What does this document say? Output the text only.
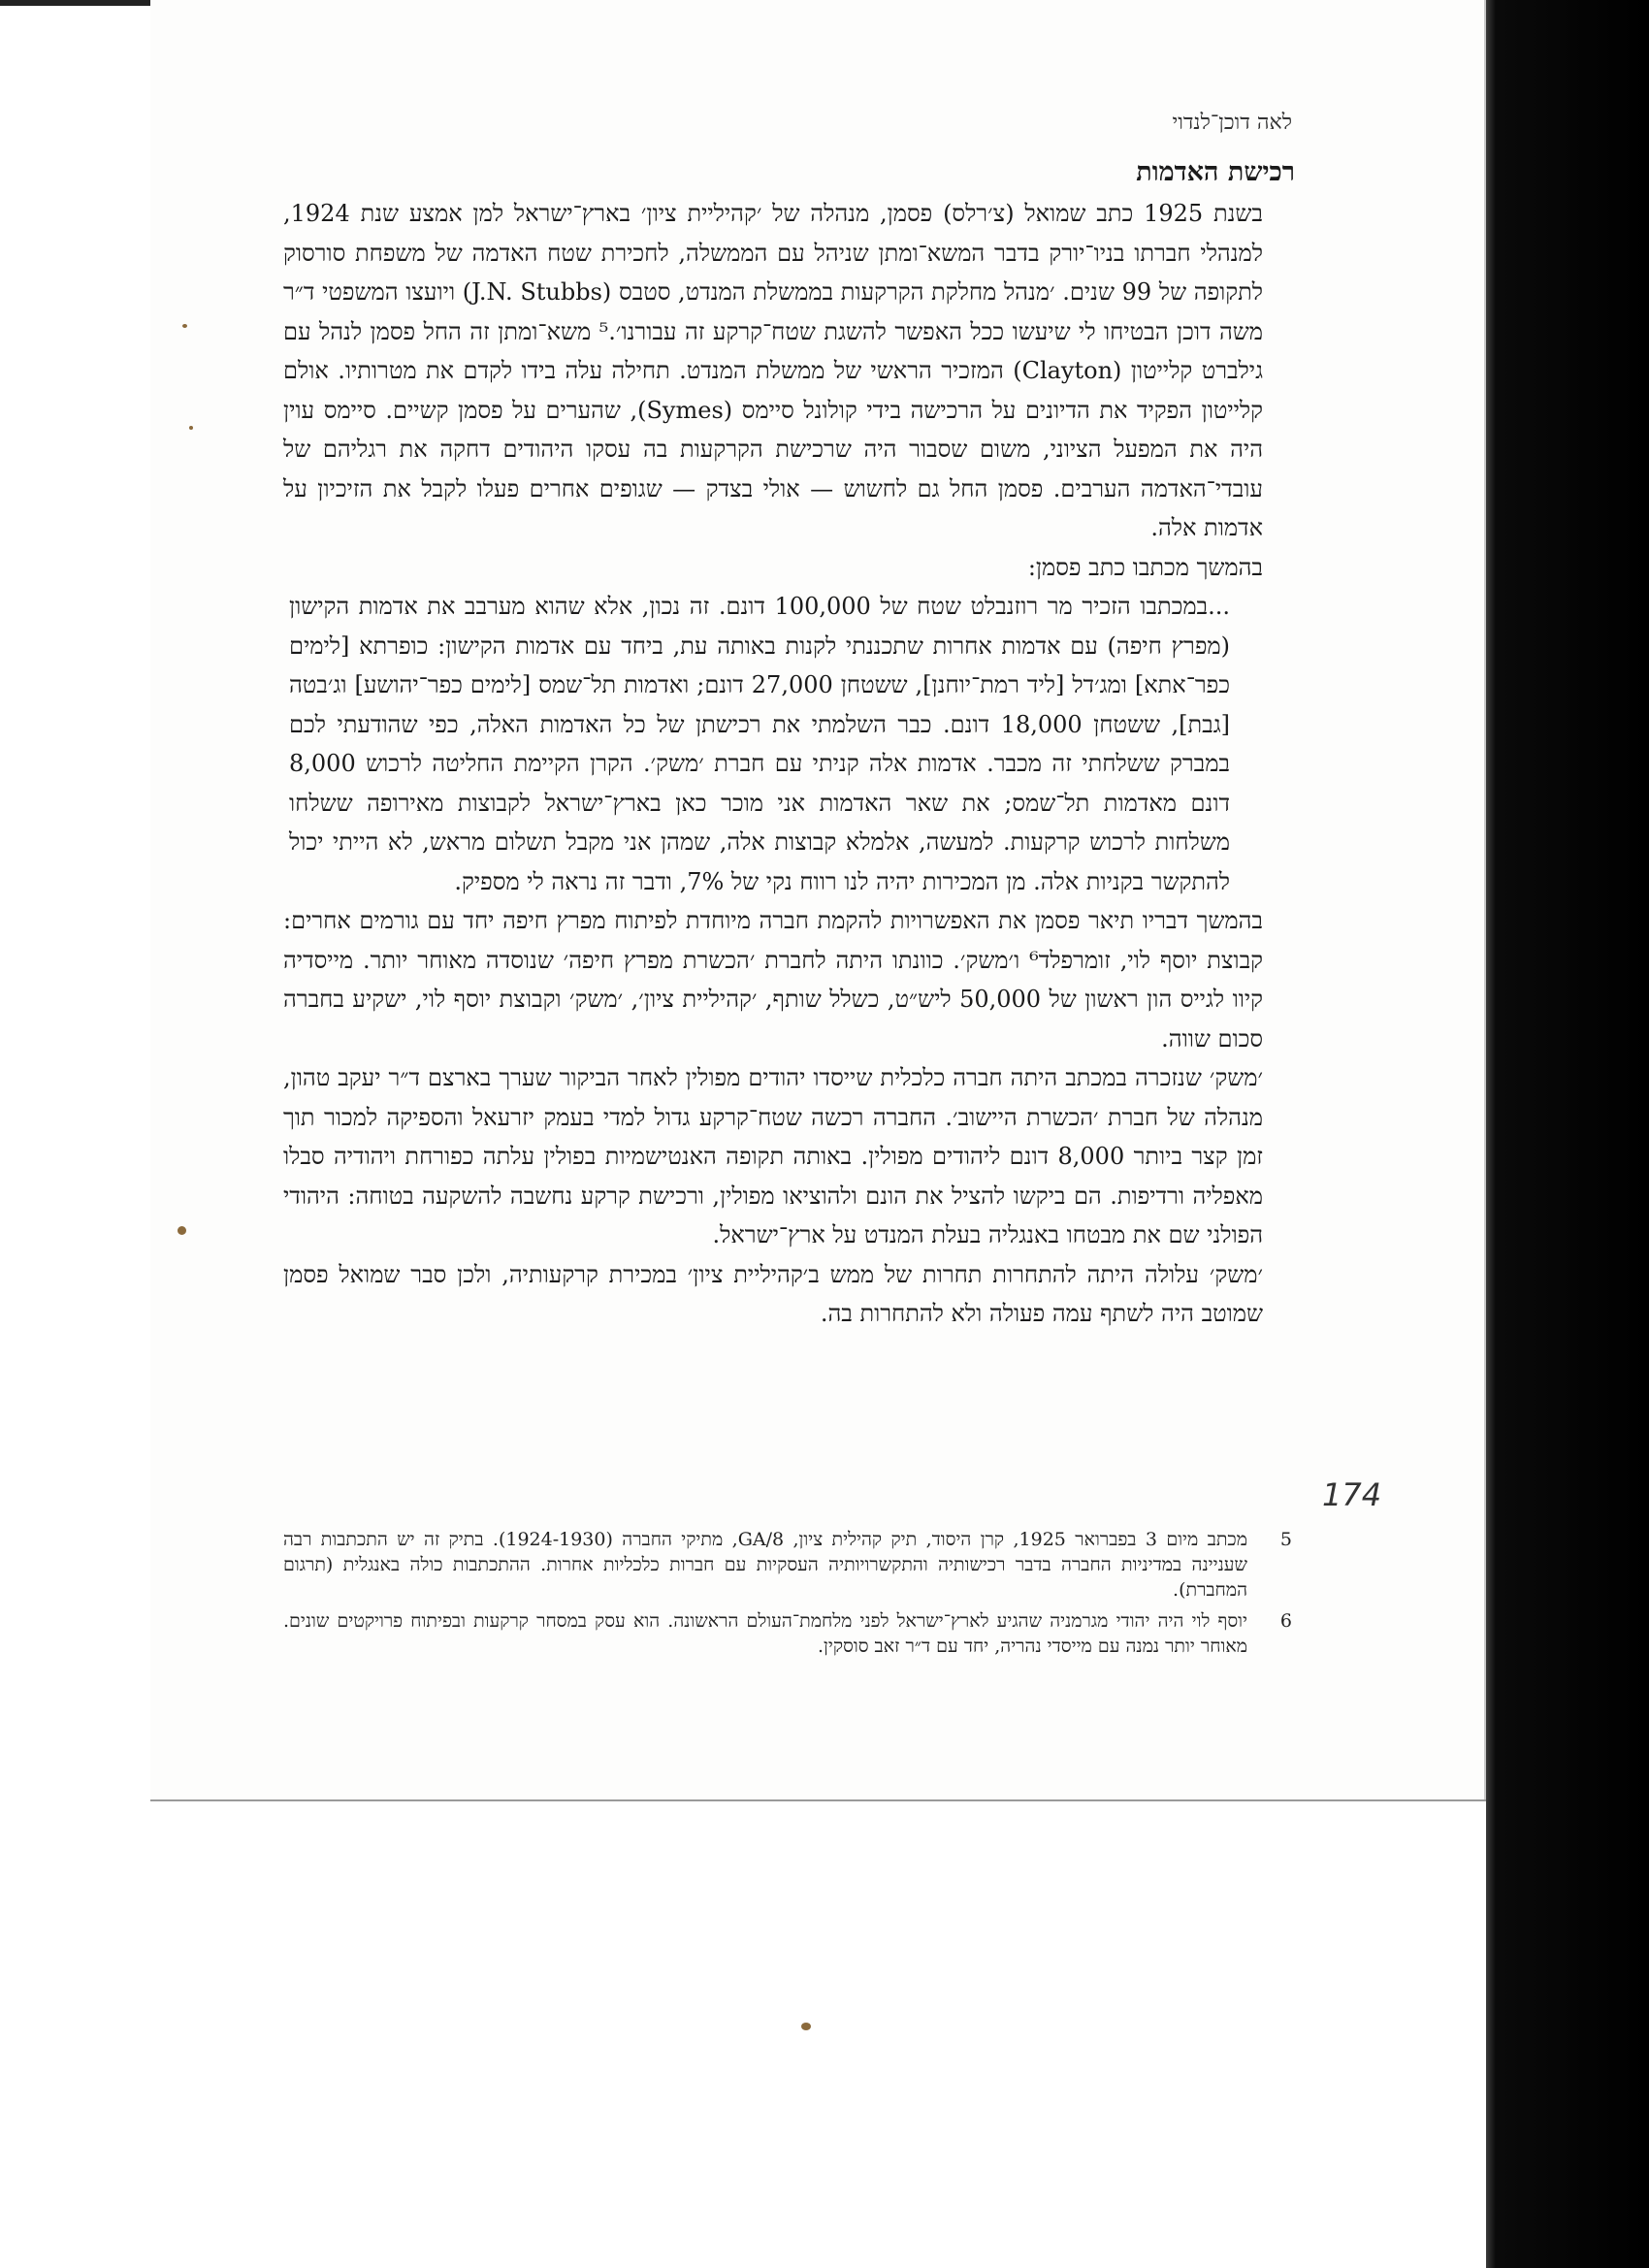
לאה דוכן־לנדוי
רכישת האדמות

בשנת 1925 כתב שמואל (צ׳רלס) פסמן, מנהלה של ׳קהיליית ציון׳ בארץ־ישראל למן אמצע שנת 1924, למנהלי חברתו בניו־יורק בדבר המשא־ומתן שניהל עם הממשלה, לחכירת שטח האדמה של משפחת סורסוק לתקופה של 99 שנים. ׳מנהל מחלקת הקרקעות בממשלת המנדט, סטבס (J.N. Stubbs) ויועצו המשפטי ד״ר משה דוכן הבטיחו לי שיעשו ככל האפשר להשגת שטח־קרקע זה עבורנו׳.⁵ משא־ומתן זה החל פסמן לנהל עם גילברט קלייטון (Clayton) המזכיר הראשי של ממשלת המנדט. תחילה עלה בידו לקדם את מטרותיו. אולם קלייטון הפקיד את הדיונים על הרכישה בידי קולונל סיימס (Symes), שהערים על פסמן קשיים. סיימס עוין היה את המפעל הציוני, משום שסבור היה שרכישת הקרקעות בה עסקו היהודים דחקה את רגליהם של עובדי־האדמה הערבים. פסמן החל גם לחשוש — אולי בצדק — שגופים אחרים פעלו לקבל את הזיכיון על אדמות אלה.

בהמשך מכתבו כתב פסמן:

...במכתבו הזכיר מר רוזנבלט שטח של 100,000 דונם. זה נכון, אלא שהוא מערבב את אדמות הקישון (מפרץ חיפה) עם אדמות אחרות שתכננתי לקנות באותה עת, ביחד עם אדמות הקישון: כופרתא [לימים כפר־אתא] ומג׳דל [ליד רמת־יוחנן], ששטחן 27,000 דונם; ואדמות תל־שמס [לימים כפר־יהושע] וג׳בטה [גבת], ששטחן 18,000 דונם. כבר השלמתי את רכישתן של כל האדמות האלה, כפי שהודעתי לכם במברק ששלחתי זה מכבר. אדמות אלה קניתי עם חברת ׳משק׳. הקרן הקיימת החליטה לרכוש 8,000 דונם מאדמות תל־שמס; את שאר האדמות אני מוכר כאן בארץ־ישראל לקבוצות מאירופה ששלחו משלחות לרכוש קרקעות. למעשה, אלמלא קבוצות אלה, שמהן אני מקבל תשלום מראש, לא הייתי יכול להתקשר בקניות אלה. מן המכירות יהיה לנו רווח נקי של 7%, ודבר זה נראה לי מספיק.

בהמשך דבריו תיאר פסמן את האפשרויות להקמת חברה מיוחדת לפיתוח מפרץ חיפה יחד עם גורמים אחרים: קבוצת יוסף לוי, זומרפלד⁶ ו׳משק׳. כוונתו היתה לחברת ׳הכשרת מפרץ חיפה׳ שנוסדה מאוחר יותר. מייסדיה קיוו לגייס הון ראשון של 50,000 ליש״ט, כשלל שותף, ׳קהיליית ציון׳, ׳משק׳ וקבוצת יוסף לוי, ישקיע בחברה סכום שווה.

׳משק׳ שנזכרה במכתב היתה חברה כלכלית שייסדו יהודים מפולין לאחר הביקור שערך בארצם ד״ר יעקב טהון, מנהלה של חברת ׳הכשרת היישוב׳. החברה רכשה שטח־קרקע גדול למדי בעמק יזרעאל והספיקה למכור תוך זמן קצר ביותר 8,000 דונם ליהודים מפולין. באותה תקופה האנטישמיות בפולין עלתה כפורחת ויהודיה סבלו מאפליה ורדיפות. הם ביקשו להציל את הונם ולהוציאו מפולין, ורכישת קרקע נחשבה להשקעה בטוחה: היהודי הפולני שם את מבטחו באנגליה בעלת המנדט על ארץ־ישראל.

׳משק׳ עלולה היתה להתחרות תחרות של ממש ב׳קהיליית ציון׳ במכירת קרקעותיה, ולכן סבר שמואל פסמן שמוטב היה לשתף עמה פעולה ולא להתחרות בה.

174
5
מכתב מיום 3 בפברואר 1925, קרן היסוד, תיק קהילית ציון, GA/8, מתיקי החברה (1924-1930). בתיק זה יש התכתבות רבה שעניינה במדיניות החברה בדבר רכישותיה והתקשרויותיה העסקיות עם חברות כלכליות אחרות. ההתכתבות כולה באנגלית (תרגום המחברת).
6
יוסף לוי היה יהודי מגרמניה שהגיע לארץ־ישראל לפני מלחמת־העולם הראשונה. הוא עסק במסחר קרקעות ובפיתוח פרויקטים שונים. מאוחר יותר נמנה עם מייסדי נהריה, יחד עם ד״ר זאב סוסקין.
